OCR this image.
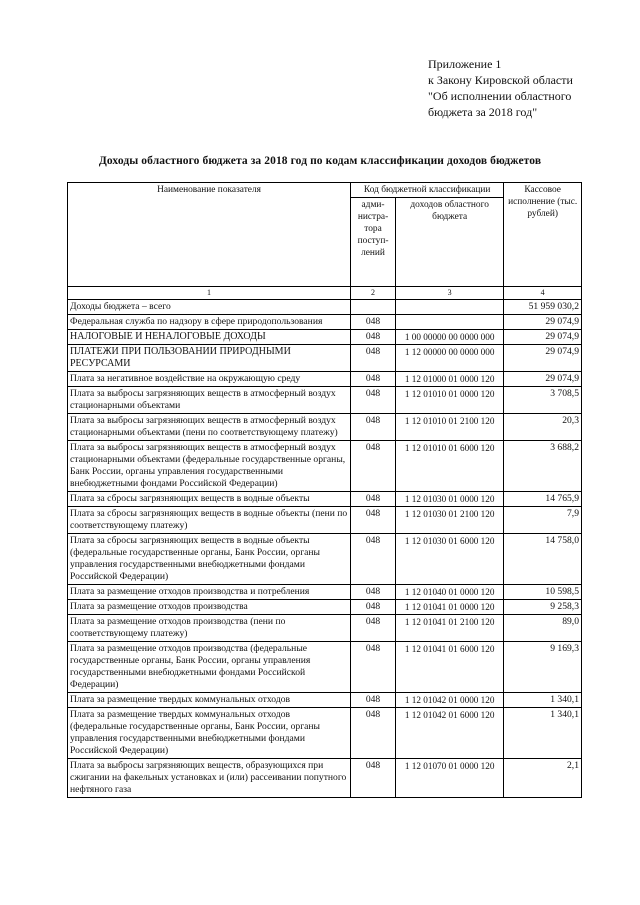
Приложение 1
к Закону Кировской области
"Об исполнении областного
бюджета за 2018 год"
Доходы областного бюджета за 2018 год по кодам классификации доходов бюджетов
Наименование показателя	Код бюджетной классификации		Кассовое исполнение (тыс. рублей)
	адми-нистра-тора поступ-лений	доходов областного бюджета	
1	2	3	4
Доходы бюджета – всего			51 959 030,2
Федеральная служба по надзору в сфере природопользования	048		29 074,9
НАЛОГОВЫЕ И НЕНАЛОГОВЫЕ ДОХОДЫ	048	1 00 00000 00 0000 000	29 074,9
ПЛАТЕЖИ ПРИ ПОЛЬЗОВАНИИ ПРИРОДНЫМИ РЕСУРСАМИ	048	1 12 00000 00 0000 000	29 074,9
Плата за негативное воздействие на окружающую среду	048	1 12 01000 01 0000 120	29 074,9
Плата за выбросы загрязняющих веществ в атмосферный воздух стационарными объектами	048	1 12 01010 01 0000 120	3 708,5
Плата за выбросы загрязняющих веществ в атмосферный воздух стационарными объектами (пени по соответствующему платежу)	048	1 12 01010 01 2100 120	20,3
Плата за выбросы загрязняющих веществ в атмосферный воздух стационарными объектами (федеральные государственные органы, Банк России, органы управления государственными внебюджетными фондами Российской Федерации)	048	1 12 01010 01 6000 120	3 688,2
Плата за сбросы загрязняющих веществ в водные объекты	048	1 12 01030 01 0000 120	14 765,9
Плата за сбросы загрязняющих веществ в водные объекты (пени по соответствующему платежу)	048	1 12 01030 01 2100 120	7,9
Плата за сбросы загрязняющих веществ в водные объекты (федеральные государственные органы, Банк России, органы управления государственными внебюджетными фондами Российской Федерации)	048	1 12 01030 01 6000 120	14 758,0
Плата за размещение отходов производства и потребления	048	1 12 01040 01 0000 120	10 598,5
Плата за размещение отходов производства	048	1 12 01041 01 0000 120	9 258,3
Плата за размещение отходов производства (пени по соответствующему платежу)	048	1 12 01041 01 2100 120	89,0
Плата за размещение отходов производства (федеральные государственные органы, Банк России, органы управления государственными внебюджетными фондами Российской Федерации)	048	1 12 01041 01 6000 120	9 169,3
Плата за размещение твердых коммунальных отходов	048	1 12 01042 01 0000 120	1 340,1
Плата за размещение твердых коммунальных отходов (федеральные государственные органы, Банк России, органы управления государственными внебюджетными фондами Российской Федерации)	048	1 12 01042 01 6000 120	1 340,1
Плата за выбросы загрязняющих веществ, образующихся при сжигании на факельных установках и (или) рассеивании попутного нефтяного газа	048	1 12 01070 01 0000 120	2,1
